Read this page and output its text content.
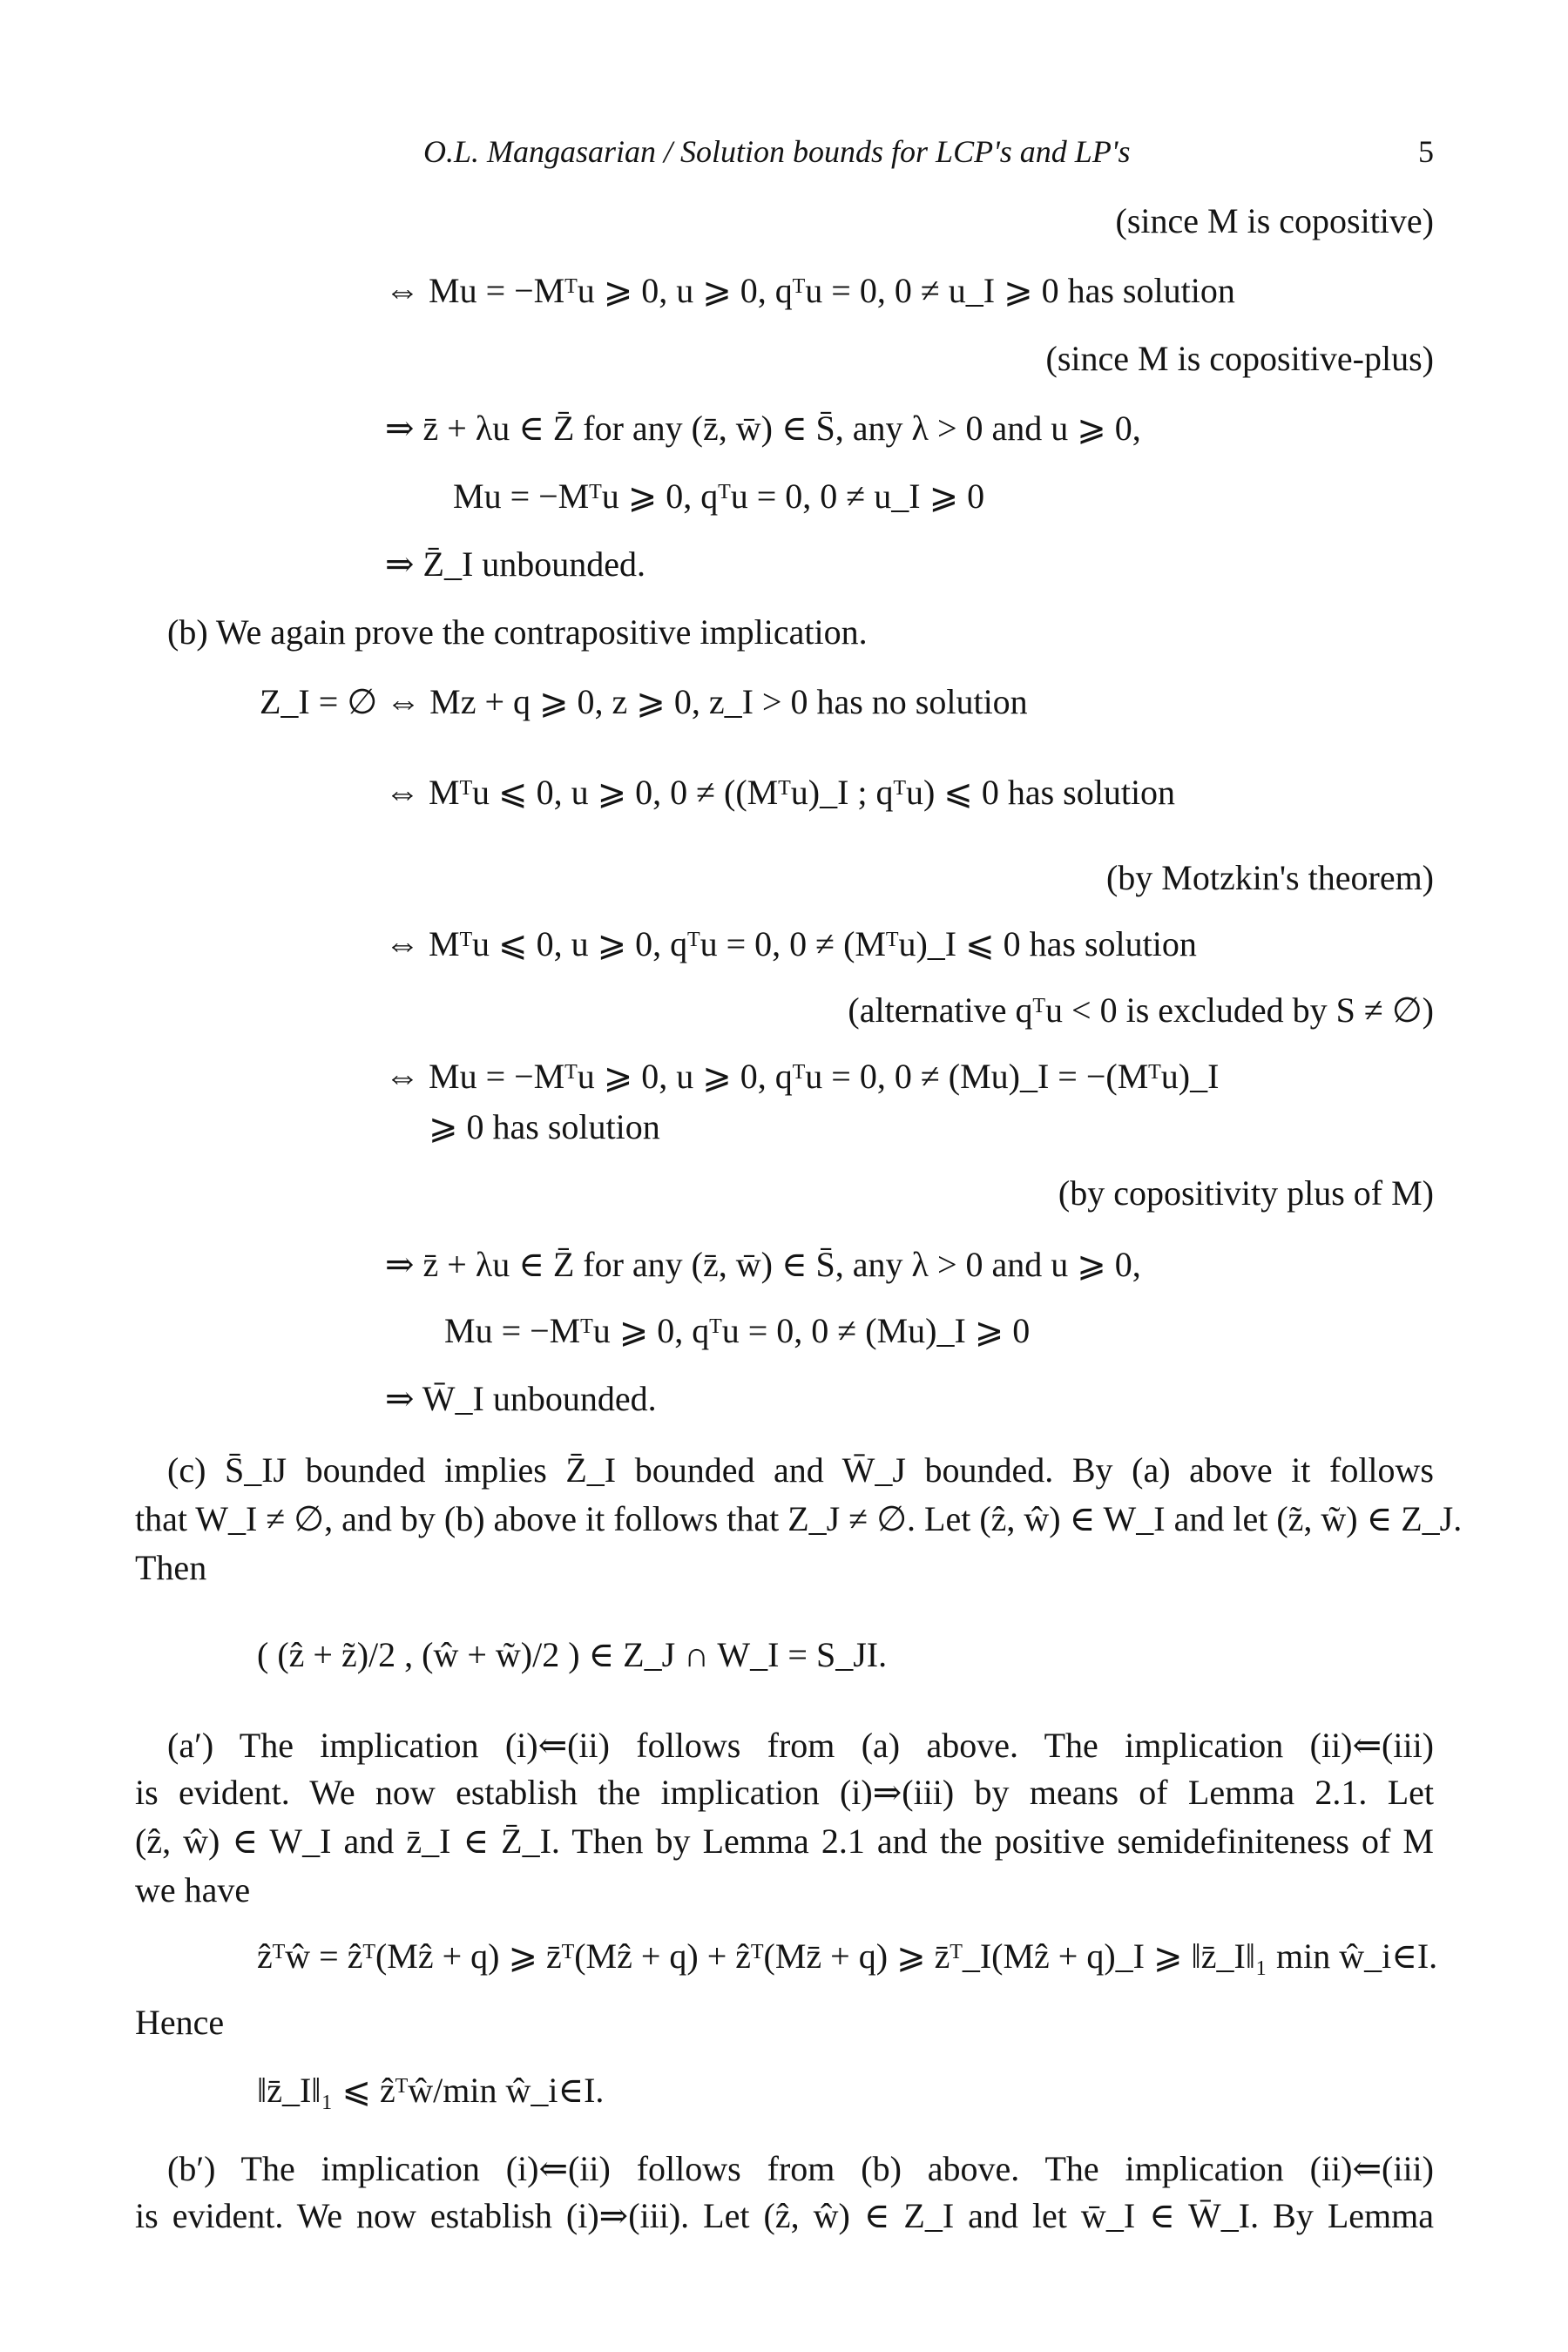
O.L. Mangasarian / Solution bounds for LCP's and LP's	5
(since M is copositive)
⇔ Mu = −Mᵀu ⩾ 0, u ⩾ 0, qᵀu = 0, 0 ≠ u_I ⩾ 0 has solution
(since M is copositive-plus)
⇒ z̄ + λu ∈ Z̄ for any (z̄, w̄) ∈ S̄, any λ > 0 and u ⩾ 0,
Mu = −Mᵀu ⩾ 0, qᵀu = 0, 0 ≠ u_I ⩾ 0
⇒ Z̄_I unbounded.
(b) We again prove the contrapositive implication.
Z_I = ∅ ⇔ Mz + q ⩾ 0, z ⩾ 0, z_I > 0 has no solution
⇔ Mᵀu ⩽ 0, u ⩾ 0, 0 ≠ ((Mᵀu)_I ; qᵀu) ⩽ 0 has solution
(by Motzkin's theorem)
⇔ Mᵀu ⩽ 0, u ⩾ 0, qᵀu = 0, 0 ≠ (Mᵀu)_I ⩽ 0 has solution
(alternative qᵀu < 0 is excluded by S ≠ ∅)
⇔ Mu = −Mᵀu ⩾ 0, u ⩾ 0, qᵀu = 0, 0 ≠ (Mu)_I = −(Mᵀu)_I
⩾ 0 has solution
(by copositivity plus of M)
⇒ z̄ + λu ∈ Z̄ for any (z̄, w̄) ∈ S̄, any λ > 0 and u ⩾ 0,
Mu = −Mᵀu ⩾ 0, qᵀu = 0, 0 ≠ (Mu)_I ⩾ 0
⇒ W̄_I unbounded.
(c) S̄_IJ bounded implies Z̄_I bounded and W̄_J bounded. By (a) above it follows
that W_I ≠ ∅, and by (b) above it follows that Z_J ≠ ∅. Let (ẑ, ŵ) ∈ W_I and let (z̃, w̃) ∈ Z_J.
Then
( (ẑ + z̃)/2 , (ŵ + w̃)/2 ) ∈ Z_J ∩ W_I = S_JI.
(a′) The implication (i)⇐(ii) follows from (a) above. The implication (ii)⇐(iii)
is evident. We now establish the implication (i)⇒(iii) by means of Lemma 2.1. Let
(ẑ, ŵ) ∈ W_I and z̄_I ∈ Z̄_I. Then by Lemma 2.1 and the positive semidefiniteness of M
we have
ẑᵀŵ = ẑᵀ(Mẑ + q) ⩾ z̄ᵀ(Mẑ + q) + ẑᵀ(Mz̄ + q) ⩾ z̄ᵀ_I(Mẑ + q)_I ⩾ ‖z̄_I‖₁ min ŵ_i∈I.
Hence
‖z̄_I‖₁ ⩽ ẑᵀŵ/min ŵ_i∈I.
(b′) The implication (i)⇐(ii) follows from (b) above. The implication (ii)⇐(iii)
is evident. We now establish (i)⇒(iii). Let (ẑ, ŵ) ∈ Z_I and let w̄_I ∈ W̄_I. By Lemma
